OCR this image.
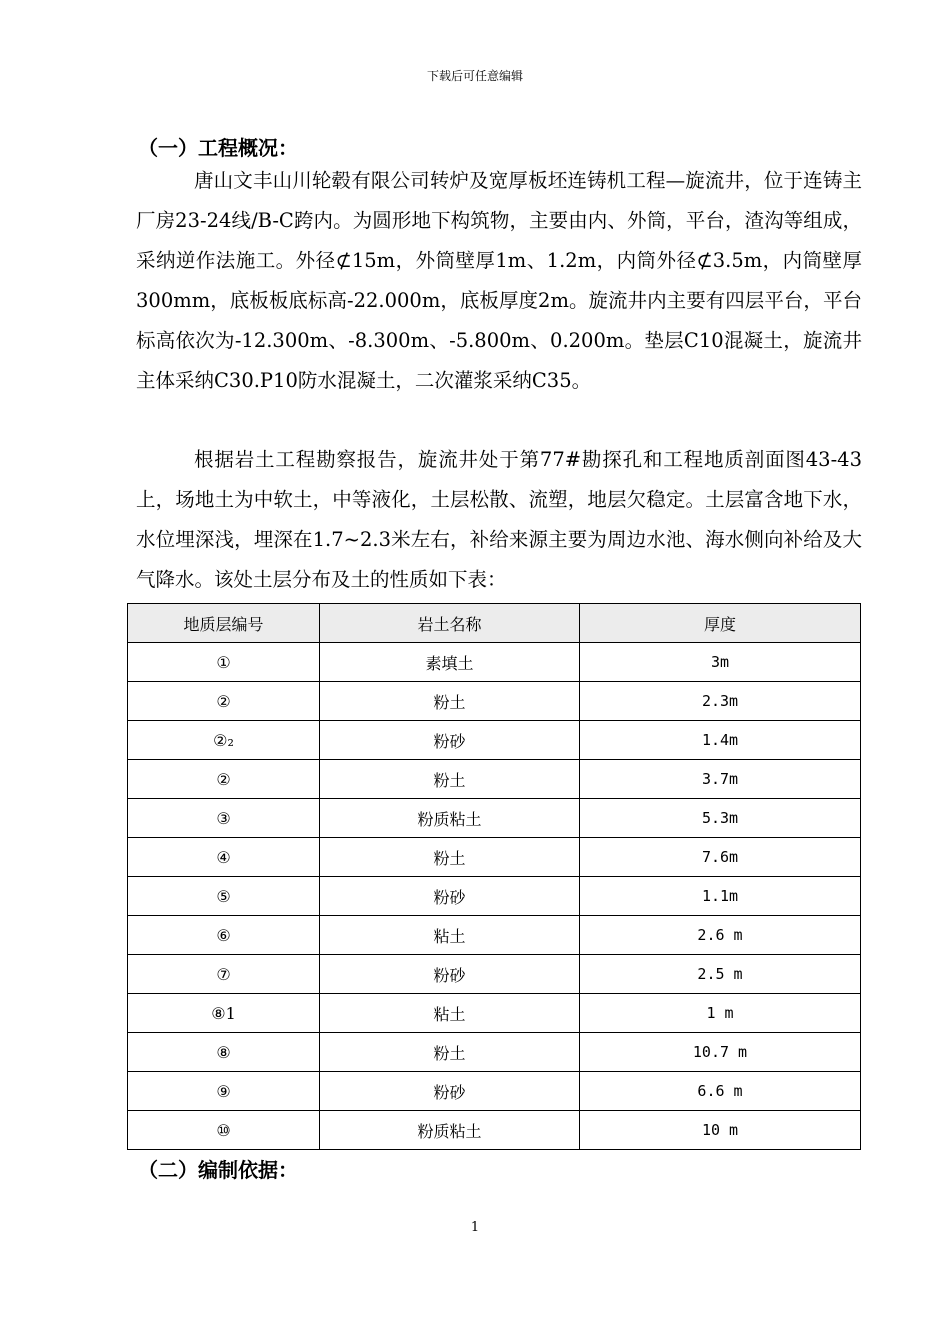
下载后可任意编辑
（一）工程概况：

唐山文丰山川轮毂有限公司转炉及宽厚板坯连铸机工程—旋流井，位于连铸主厂房23-24线/B-C跨内。为圆形地下构筑物，主要由内、外筒，平台，渣沟等组成，采纳逆作法施工。外径⊄15m，外筒壁厚1m、1.2m，内筒外径⊄3.5m，内筒壁厚300mm，底板板底标高-22.000m，底板厚度2m。旋流井内主要有四层平台，平台标高依次为-12.300m、-8.300m、-5.800m、0.200m。垫层C10混凝土，旋流井主体采纳C30.P10防水混凝土，二次灌浆采纳C35。

根据岩土工程勘察报告，旋流井处于第77#勘探孔和工程地质剖面图43-43上，场地土为中软土，中等液化，土层松散、流塑，地层欠稳定。土层富含地下水，水位埋深浅，埋深在1.7~2.3米左右，补给来源主要为周边水池、海水侧向补给及大气降水。该处土层分布及土的性质如下表：

地质层编号	岩土名称	厚度
①	素填土	3m
②	粉土	2.3m
②₂	粉砂	1.4m
②	粉土	3.7m
③	粉质粘土	5.3m
④	粉土	7.6m
⑤	粉砂	1.1m
⑥	粘土	2.6 m
⑦	粉砂	2.5 m
⑧1	粘土	1 m
⑧	粉土	10.7 m
⑨	粉砂	6.6 m
⑩	粉质粘土	10 m
（二）编制依据：
1
